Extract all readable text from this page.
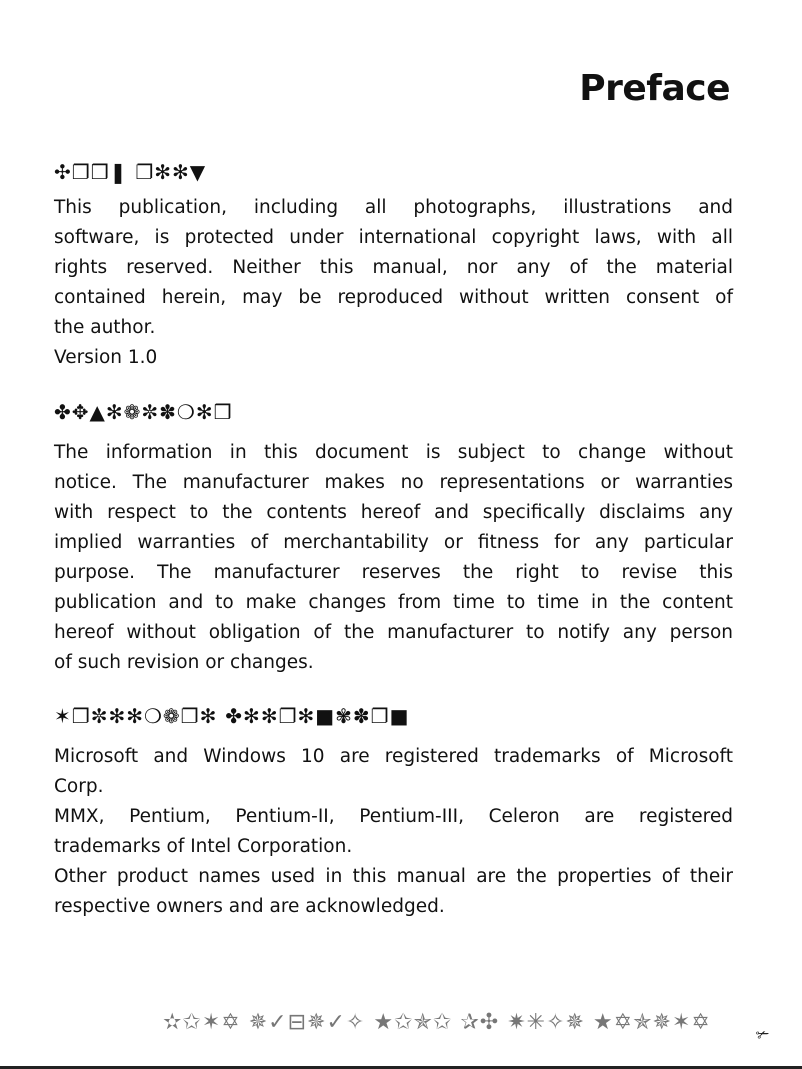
Preface
✣❐❒❚ ❐✻✻▼
This publication, including all photographs, illustrations and
software, is protected under international copyright laws, with all
rights reserved. Neither this manual, nor any of the material
contained herein, may be reproduced without written consent of
the author.
Version 1.0
✤✥▲✻❁✼✽❍✻❒
The information in this document is subject to change without
notice. The manufacturer makes no representations or warranties
with respect to the contents hereof and specifically disclaims any
implied warranties of merchantability or fitness for any particular
purpose. The manufacturer reserves the right to revise this
publication and to make changes from time to time in the content
hereof without obligation of the manufacturer to notify any person
of such revision or changes.
✶❐✼✻✻❍❁❐✻ ✤✻✻❐✻■✾✽❐■
Microsoft and Windows 10 are registered trademarks of Microsoft
Corp.
MMX, Pentium, Pentium-II, Pentium-III, Celeron are registered
trademarks of Intel Corporation.
Other product names used in this manual are the properties of their
respective owners and are acknowledged.
✫✩✶✡ ✵✓⊟✵✓✧ ★✩✯✩ ✰✣ ✷✳✧✵ ★✡✯✵✶✡	✃
